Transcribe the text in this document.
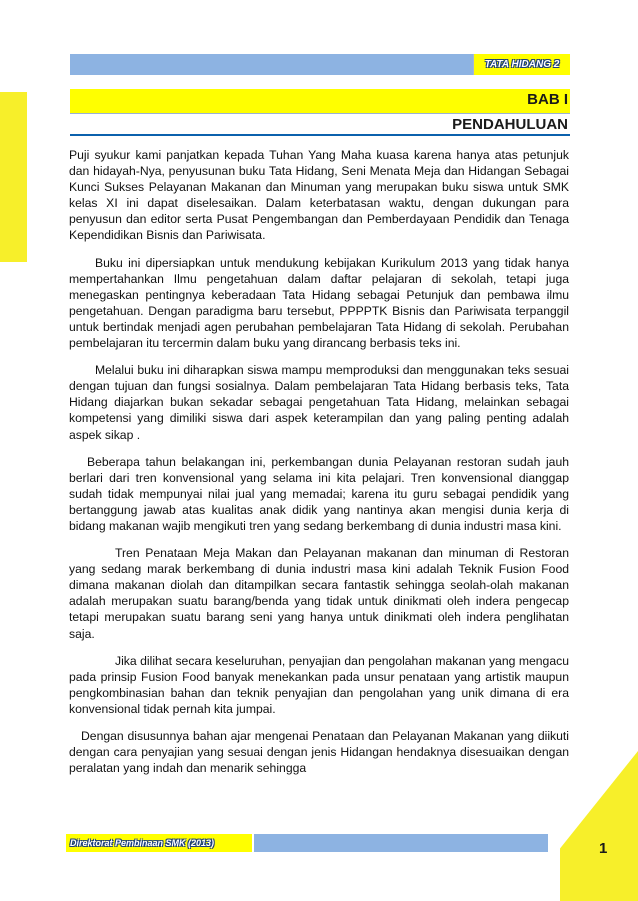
TATA HIDANG 2
BAB I
PENDAHULUAN

Puji syukur kami panjatkan kepada Tuhan Yang Maha kuasa karena hanya atas petunjuk dan hidayah-Nya, penyusunan buku Tata Hidang, Seni Menata Meja dan Hidangan Sebagai Kunci Sukses Pelayanan Makanan dan Minuman yang merupakan buku siswa untuk SMK kelas XI ini dapat diselesaikan. Dalam keterbatasan waktu, dengan dukungan para penyusun dan editor serta Pusat Pengembangan dan Pemberdayaan Pendidik dan Tenaga Kependidikan Bisnis dan Pariwisata.

Buku ini dipersiapkan untuk mendukung kebijakan Kurikulum 2013 yang tidak hanya mempertahankan Ilmu pengetahuan dalam daftar pelajaran di sekolah, tetapi juga menegaskan pentingnya keberadaan Tata Hidang sebagai Petunjuk dan pembawa ilmu pengetahuan. Dengan paradigma baru tersebut, PPPPTK Bisnis dan Pariwisata terpanggil untuk bertindak menjadi agen perubahan pembelajaran Tata Hidang di sekolah. Perubahan pembelajaran itu tercermin dalam buku yang dirancang berbasis teks ini.

Melalui buku ini diharapkan siswa mampu memproduksi dan menggunakan teks sesuai dengan tujuan dan fungsi sosialnya. Dalam pembelajaran Tata Hidang berbasis teks, Tata Hidang diajarkan bukan sekadar sebagai pengetahuan Tata Hidang, melainkan sebagai kompetensi yang dimiliki siswa dari aspek keterampilan dan yang paling penting adalah aspek sikap .

Beberapa tahun belakangan ini, perkembangan dunia Pelayanan restoran sudah jauh berlari dari tren konvensional yang selama ini kita pelajari. Tren konvensional dianggap sudah tidak mempunyai nilai jual yang memadai; karena itu guru sebagai pendidik yang bertanggung jawab atas kualitas anak didik yang nantinya akan mengisi dunia kerja di bidang makanan wajib mengikuti tren yang sedang berkembang di dunia industri masa kini.

Tren Penataan Meja Makan dan Pelayanan makanan dan minuman di Restoran yang sedang marak berkembang di dunia industri masa kini adalah Teknik Fusion Food dimana makanan diolah dan ditampilkan secara fantastik sehingga seolah-olah makanan adalah merupakan suatu barang/benda yang tidak untuk dinikmati oleh indera pengecap tetapi merupakan suatu barang seni yang hanya untuk dinikmati oleh indera penglihatan saja.

Jika dilihat secara keseluruhan, penyajian dan pengolahan makanan yang mengacu pada prinsip Fusion Food banyak menekankan pada unsur penataan yang artistik maupun pengkombinasian bahan dan teknik penyajian dan pengolahan yang unik dimana di era konvensional tidak pernah kita jumpai.

Dengan disusunnya bahan ajar mengenai Penataan dan Pelayanan Makanan yang diikuti dengan cara penyajian yang sesuai dengan jenis Hidangan hendaknya disesuaikan dengan peralatan yang indah dan menarik sehingga

Direktorat Pembinaan SMK (2013)	1
